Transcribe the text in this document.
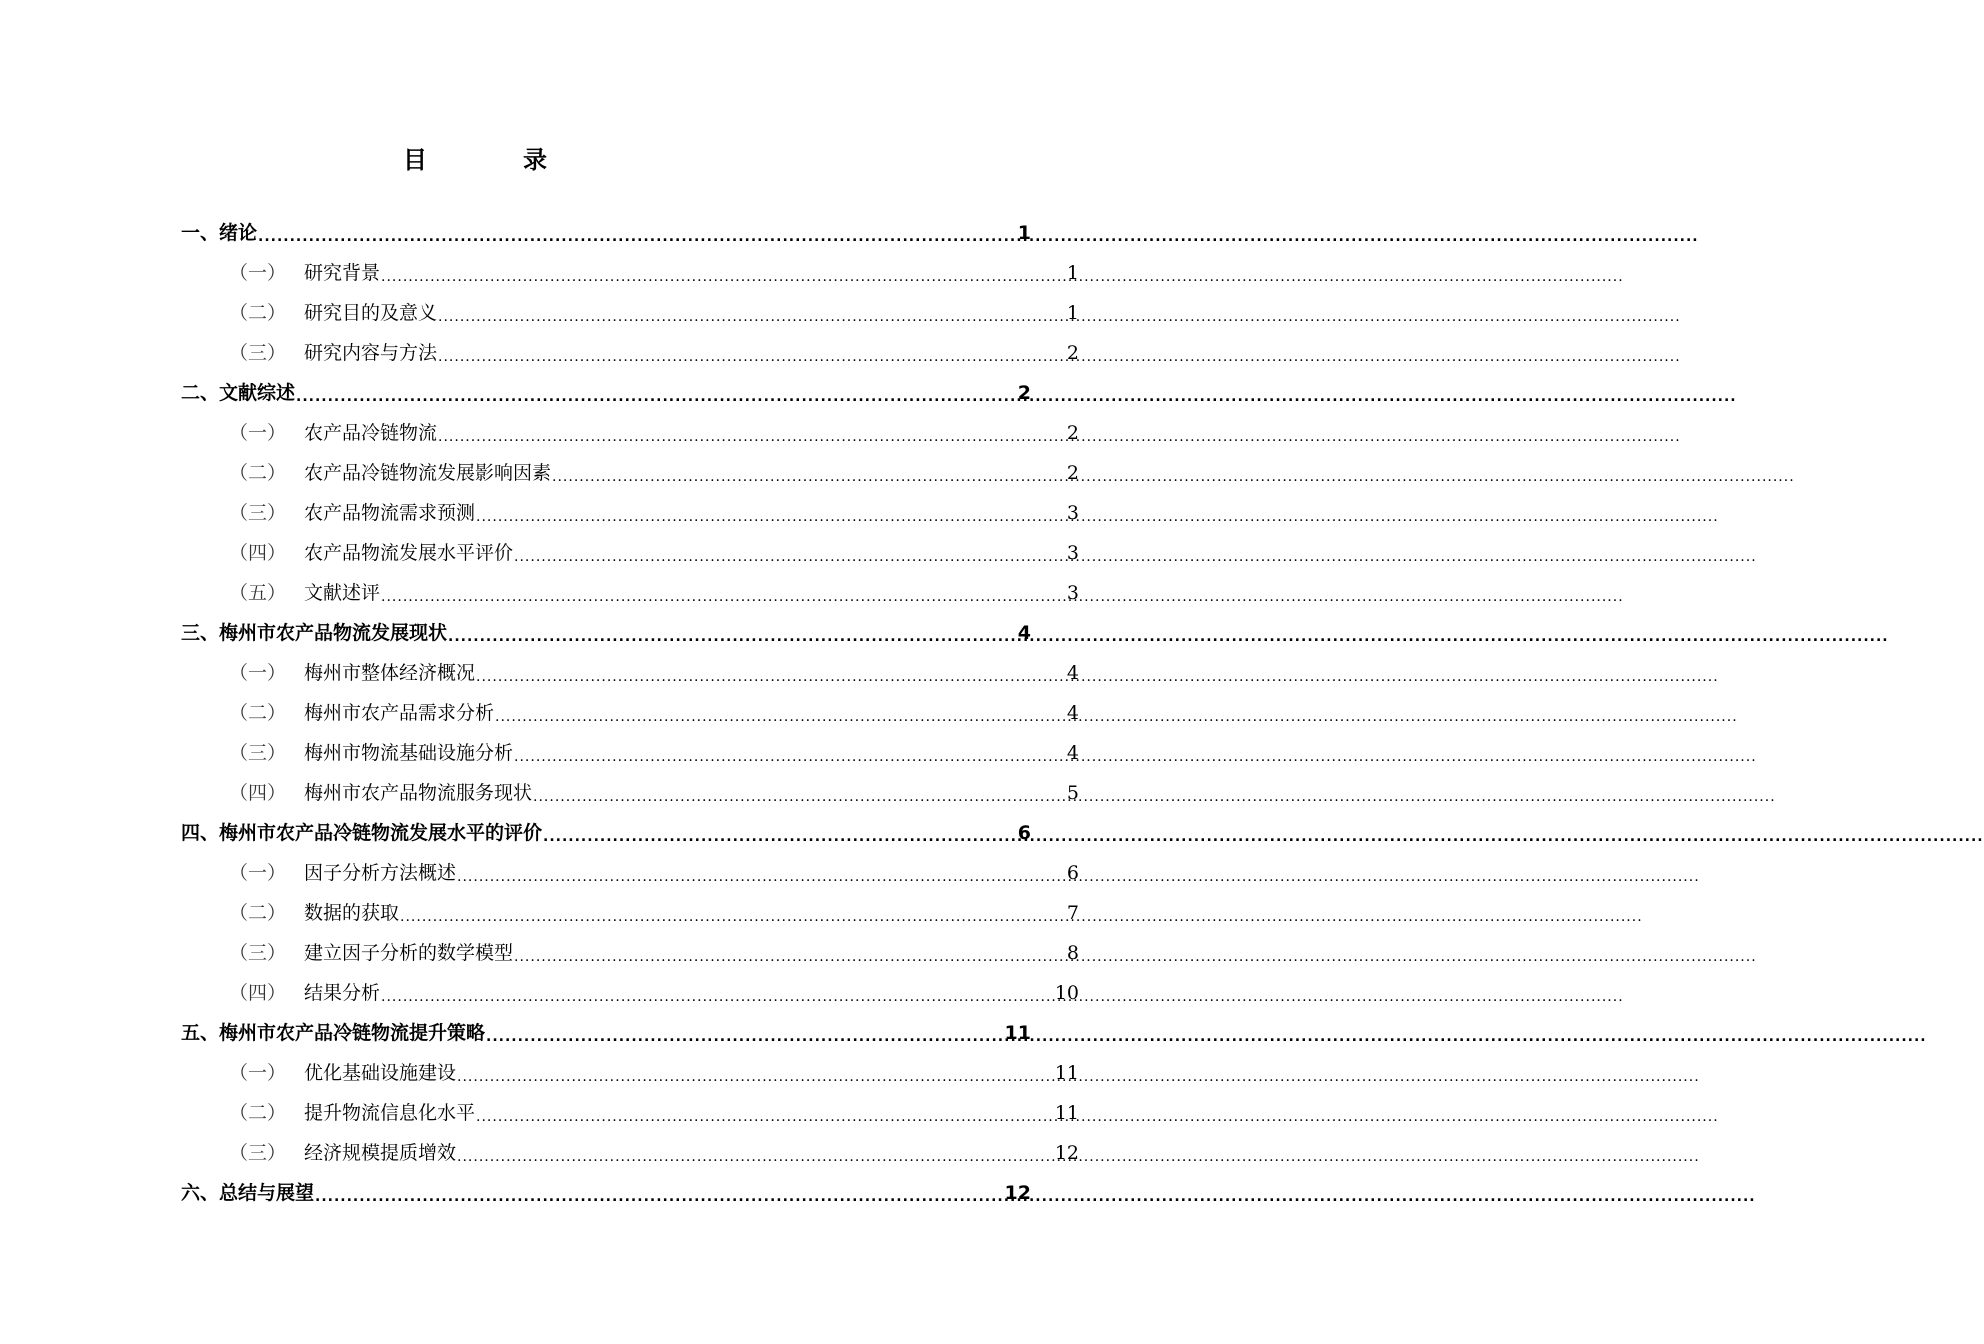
目	录
一、绪论 .....	1
（一） 研究背景 .....	1
（二） 研究目的及意义 .....	1
（三） 研究内容与方法 .....	2
二、文献综述 .....	2
（一） 农产品冷链物流 .....	2
（二） 农产品冷链物流发展影响因素 .....	2
（三） 农产品物流需求预测 .....	3
（四） 农产品物流发展水平评价 .....	3
（五） 文献述评 .....	3
三、梅州市农产品物流发展现状 .....	4
（一） 梅州市整体经济概况 .....	4
（二） 梅州市农产品需求分析 .....	4
（三） 梅州市物流基础设施分析 .....	4
（四） 梅州市农产品物流服务现状 .....	5
四、梅州市农产品冷链物流发展水平的评价 .....	6
（一） 因子分析方法概述 .....	6
（二） 数据的获取 .....	7
（三） 建立因子分析的数学模型 .....	8
（四） 结果分析 .....	10
五、梅州市农产品冷链物流提升策略 .....	11
（一） 优化基础设施建设 .....	11
（二） 提升物流信息化水平 .....	11
（三） 经济规模提质增效 .....	12
六、总结与展望 .....	12
